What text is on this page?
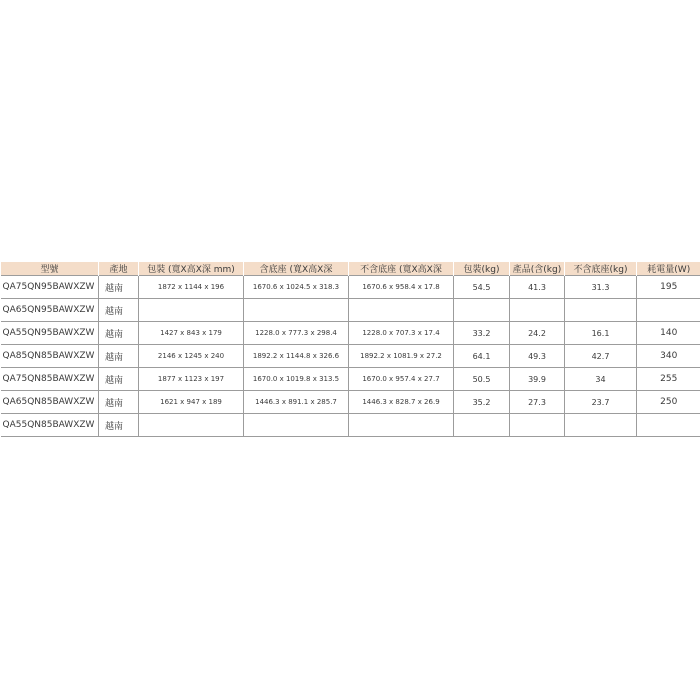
型號	產地	包裝 (寬X高X深 mm)	含底座 (寬X高X深	不含底座 (寬X高X深	包裝(kg)	產品(含(kg)	不含底座(kg)	耗電量(W)
QA75QN95BAWXZW	越南	1872 x 1144 x 196	1670.6 x 1024.5 x 318.3	1670.6 x 958.4 x 17.8	54.5	41.3	31.3	195
QA65QN95BAWXZW	越南							
QA55QN95BAWXZW	越南	1427 x 843 x 179	1228.0 x 777.3 x 298.4	1228.0 x 707.3 x 17.4	33.2	24.2	16.1	140
QA85QN85BAWXZW	越南	2146 x 1245 x 240	1892.2 x 1144.8 x 326.6	1892.2 x 1081.9 x 27.2	64.1	49.3	42.7	340
QA75QN85BAWXZW	越南	1877 x 1123 x 197	1670.0 x 1019.8 x 313.5	1670.0 x 957.4 x 27.7	50.5	39.9	34	255
QA65QN85BAWXZW	越南	1621 x 947 x 189	1446.3 x 891.1 x 285.7	1446.3 x 828.7 x 26.9	35.2	27.3	23.7	250
QA55QN85BAWXZW	越南							
